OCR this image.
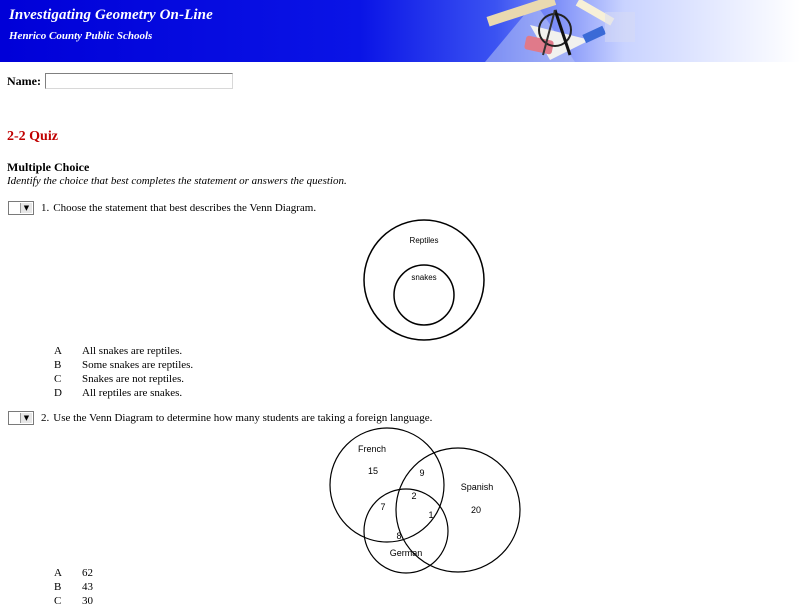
Investigating Geometry On-Line
Henrico County Public Schools
Name:
2-2 Quiz
Multiple Choice
Identify the choice that best completes the statement or answers the question.
▼ 1. Choose the statement that best describes the Venn Diagram.
Reptiles
snakes
A	All snakes are reptiles.
B	Some snakes are reptiles.
C	Snakes are not reptiles.
D	All reptiles are snakes.
▼ 2. Use the Venn Diagram to determine how many students are taking a foreign language.
French
Spanish
German
15	9
20
7
2
1
8
A	62
B	43
C	30
